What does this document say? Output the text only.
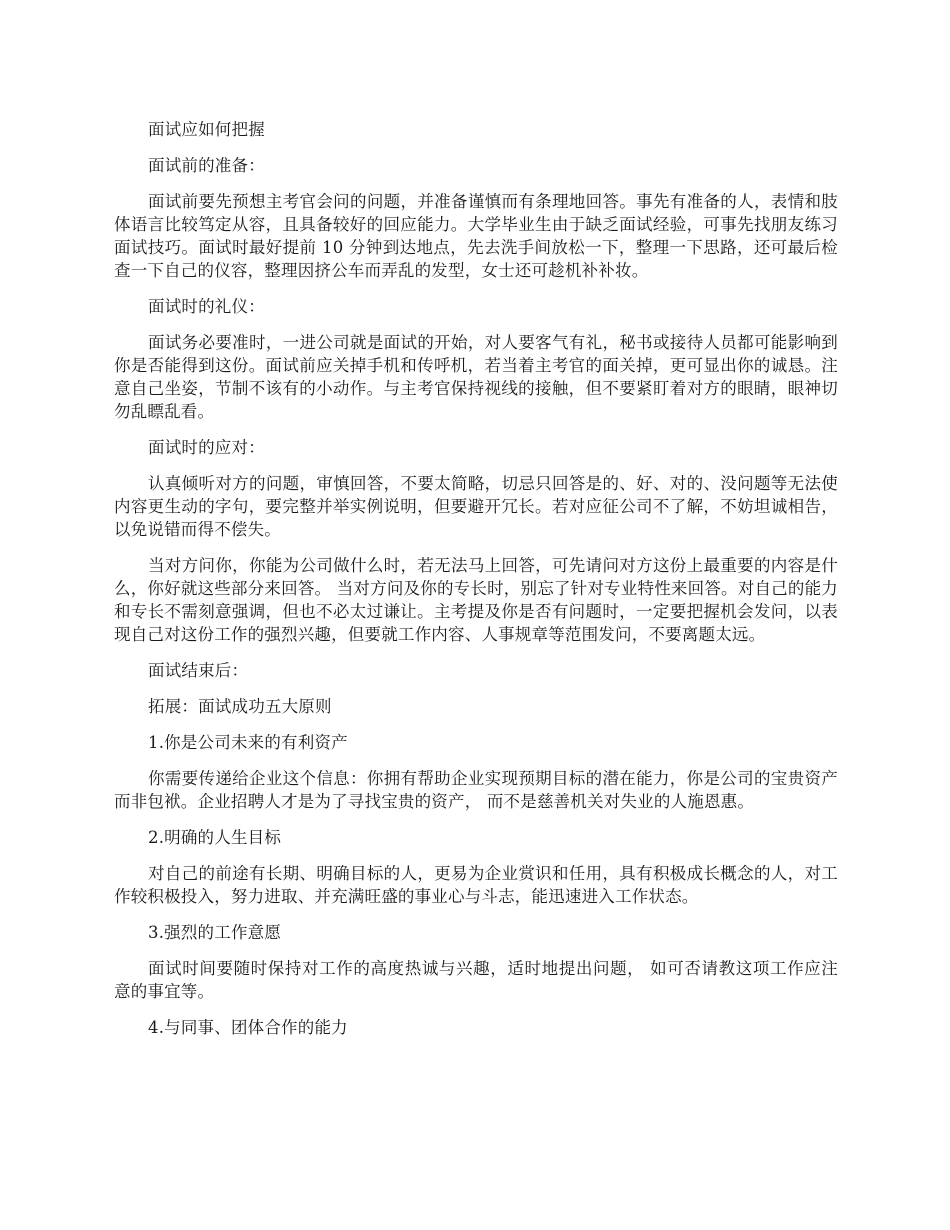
面试应如何把握

面试前的准备：

面试前要先预想主考官会问的问题，并准备谨慎而有条理地回答。事先有准备的人，表情和肢体语言比较笃定从容，且具备较好的回应能力。大学毕业生由于缺乏面试经验，可事先找朋友练习面试技巧。面试时最好提前 10 分钟到达地点，先去洗手间放松一下，整理一下思路，还可最后检查一下自己的仪容，整理因挤公车而弄乱的发型，女士还可趁机补补妆。

面试时的礼仪：

面试务必要准时，一进公司就是面试的开始，对人要客气有礼，秘书或接待人员都可能影响到你是否能得到这份。面试前应关掉手机和传呼机，若当着主考官的面关掉，更可显出你的诚恳。注意自己坐姿，节制不该有的小动作。与主考官保持视线的接触，但不要紧盯着对方的眼睛，眼神切勿乱瞟乱看。

面试时的应对：

认真倾听对方的问题，审慎回答，不要太简略，切忌只回答是的、好、对的、没问题等无法使内容更生动的字句，要完整并举实例说明，但要避开冗长。若对应征公司不了解，不妨坦诚相告，以免说错而得不偿失。

当对方问你，你能为公司做什么时，若无法马上回答，可先请问对方这份上最重要的内容是什么，你好就这些部分来回答。 当对方问及你的专长时，别忘了针对专业特性来回答。对自己的能力和专长不需刻意强调，但也不必太过谦让。主考提及你是否有问题时，一定要把握机会发问，以表现自己对这份工作的强烈兴趣，但要就工作内容、人事规章等范围发问，不要离题太远。

面试结束后：

拓展：面试成功五大原则

1.你是公司未来的有利资产

你需要传递给企业这个信息：你拥有帮助企业实现预期目标的潜在能力，你是公司的宝贵资产而非包袱。企业招聘人才是为了寻找宝贵的资产， 而不是慈善机关对失业的人施恩惠。

2.明确的人生目标

对自己的前途有长期、明确目标的人，更易为企业赏识和任用，具有积极成长概念的人，对工作较积极投入，努力进取、并充满旺盛的事业心与斗志，能迅速进入工作状态。

3.强烈的工作意愿

面试时间要随时保持对工作的高度热诚与兴趣，适时地提出问题， 如可否请教这项工作应注意的事宜等。

4.与同事、团体合作的能力
